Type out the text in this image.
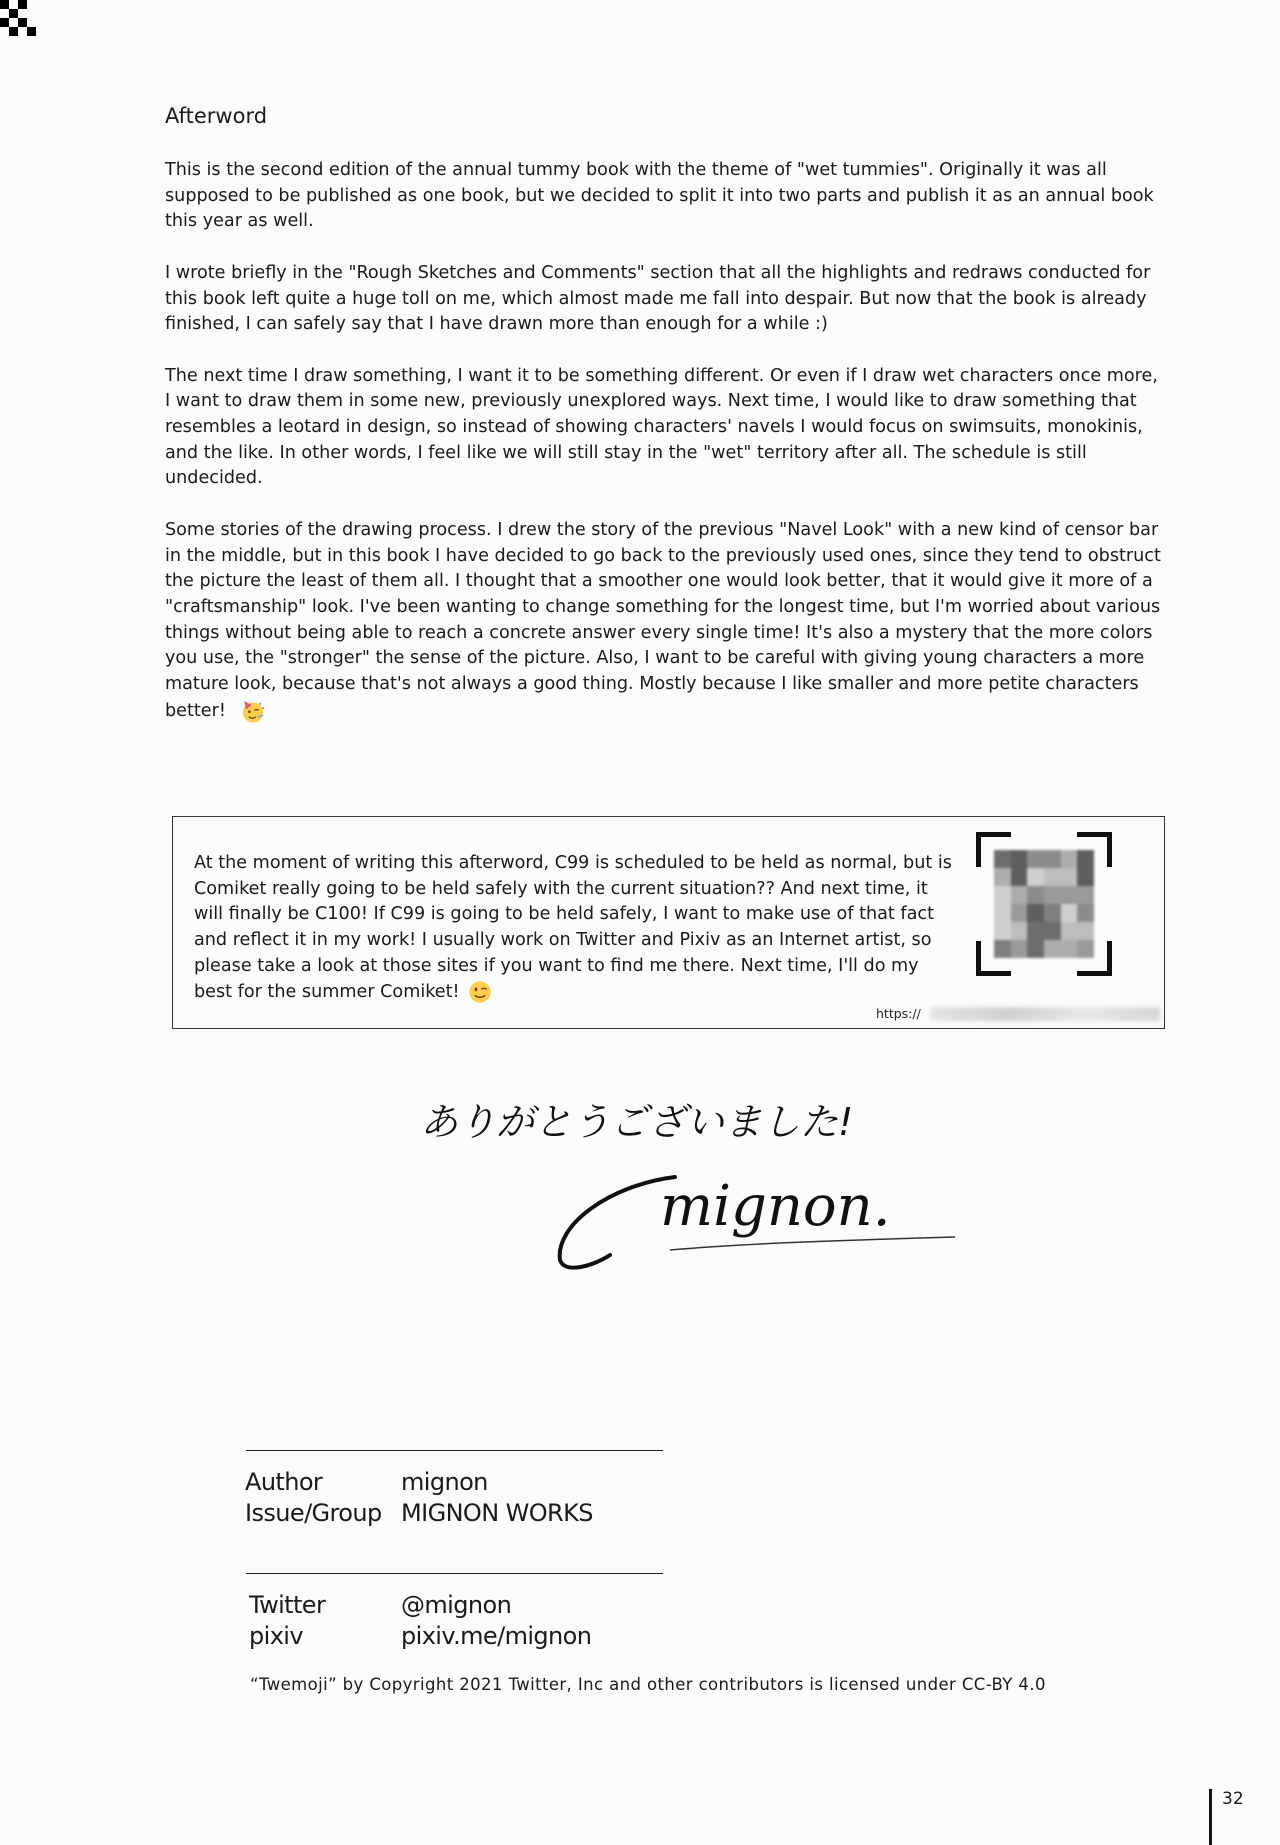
Afterword

This is the second edition of the annual tummy book with the theme of "wet tummies". Originally it was all supposed to be published as one book, but we decided to split it into two parts and publish it as an annual book this year as well.

I wrote briefly in the "Rough Sketches and Comments" section that all the highlights and redraws conducted for this book left quite a huge toll on me, which almost made me fall into despair. But now that the book is already finished, I can safely say that I have drawn more than enough for a while :)

The next time I draw something, I want it to be something different. Or even if I draw wet characters once more, I want to draw them in some new, previously unexplored ways. Next time, I would like to draw something that resembles a leotard in design, so instead of showing characters' navels I would focus on swimsuits, monokinis, and the like. In other words, I feel like we will still stay in the "wet" territory after all. The schedule is still undecided.

Some stories of the drawing process. I drew the story of the previous "Navel Look" with a new kind of censor bar in the middle, but in this book I have decided to go back to the previously used ones, since they tend to obstruct the picture the least of them all. I thought that a smoother one would look better, that it would give it more of a "craftsmanship" look. I've been wanting to change something for the longest time, but I'm worried about various things without being able to reach a concrete answer every single time! It's also a mystery that the more colors you use, the "stronger" the sense of the picture. Also, I want to be careful with giving young characters a more mature look, because that's not always a good thing. Mostly because I like smaller and more petite characters better!

At the moment of writing this afterword, C99 is scheduled to be held as normal, but is Comiket really going to be held safely with the current situation?? And next time, it will finally be C100! If C99 is going to be held safely, I want to make use of that fact and reflect it in my work! I usually work on Twitter and Pixiv as an Internet artist, so please take a look at those sites if you want to find me there. Next time, I'll do my best for the summer Comiket!
https://
ありがとうございました!
mignon.
Author	mignon
Issue/Group MIGNON WORKS
Twitter	@mignon
pixiv	pixiv.me/mignon
“Twemoji” by Copyright 2021 Twitter, Inc and other contributors is licensed under CC-BY 4.0
32
